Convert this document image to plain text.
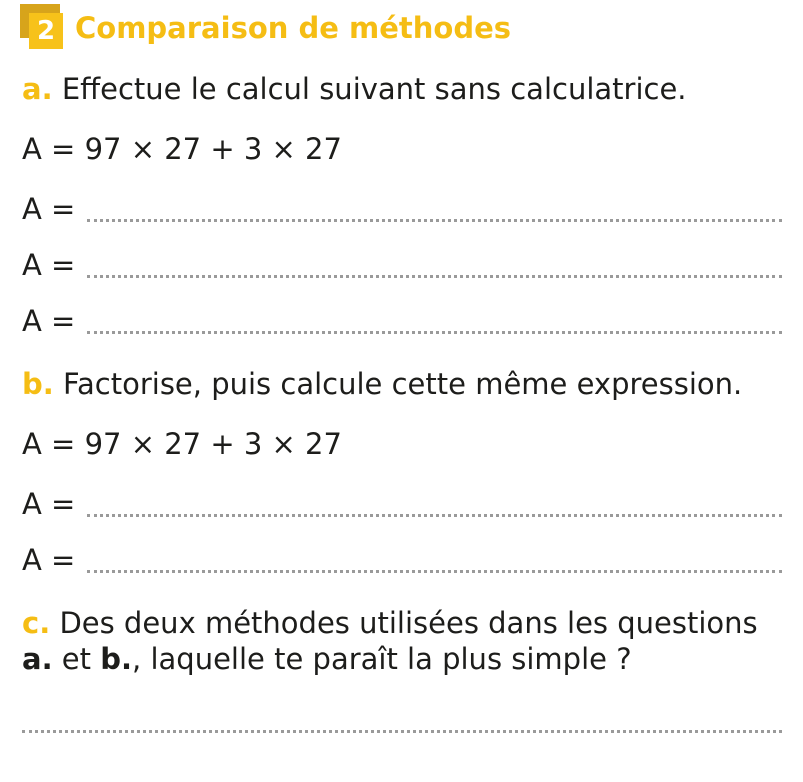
2 Comparaison de méthodes
a. Effectue le calcul suivant sans calculatrice.
A = 97 × 27 + 3 × 27
A =
A =
A =
b. Factorise, puis calcule cette même expression.
A = 97 × 27 + 3 × 27
A =
A =
c. Des deux méthodes utilisées dans les questions
a. et b., laquelle te paraît la plus simple ?
